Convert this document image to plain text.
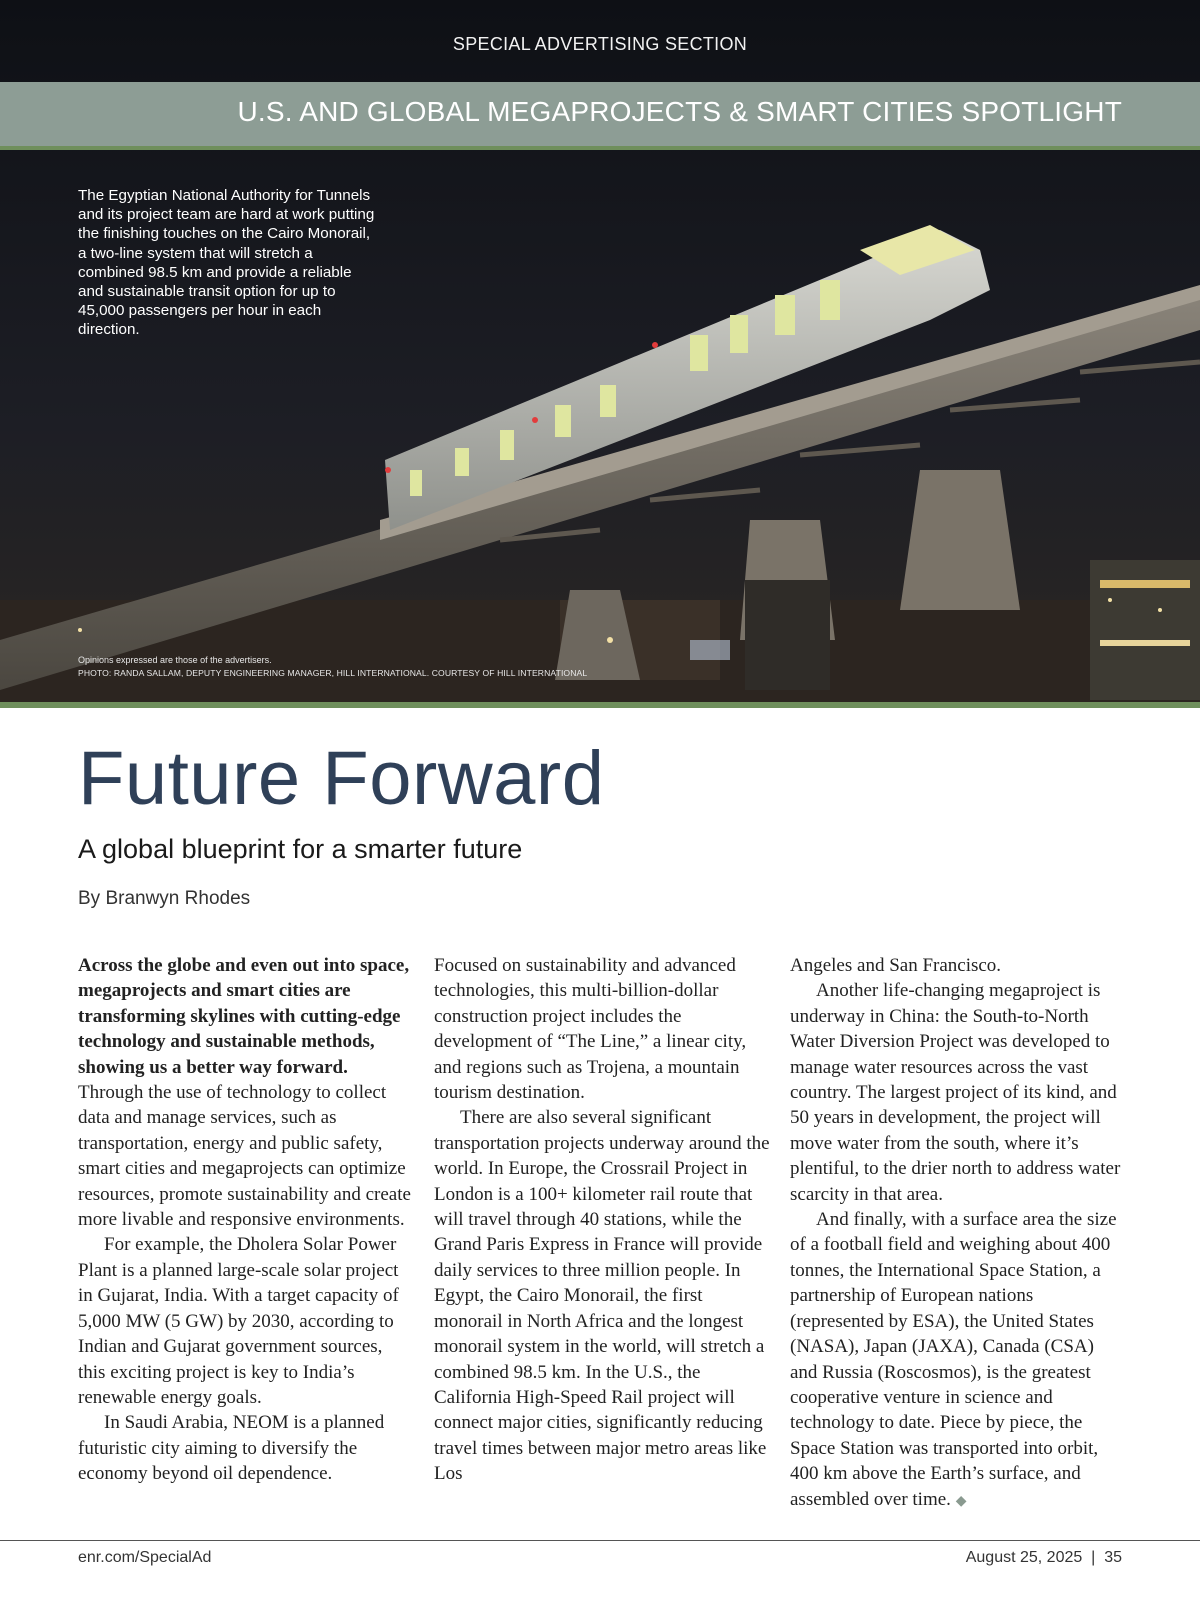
SPECIAL ADVERTISING SECTION
U.S. AND GLOBAL MEGAPROJECTS & SMART CITIES SPOTLIGHT
The Egyptian National Authority for Tunnels and its project team are hard at work putting the finishing touches on the Cairo Monorail, a two-line system that will stretch a combined 98.5 km and provide a reliable and sustainable transit option for up to 45,000 passengers per hour in each direction.
Opinions expressed are those of the advertisers.
PHOTO: RANDA SALLAM, DEPUTY ENGINEERING MANAGER, HILL INTERNATIONAL. COURTESY OF HILL INTERNATIONAL
Future Forward
A global blueprint for a smarter future
By Branwyn Rhodes

Across the globe and even out into space, megaprojects and smart cities are transforming skylines with cutting-edge technology and sustainable methods, showing us a better way forward. Through the use of technology to collect data and manage services, such as transportation, energy and public safety, smart cities and megaprojects can optimize resources, promote sustainability and create more livable and responsive environments.

For example, the Dholera Solar Power Plant is a planned large-scale solar project in Gujarat, India. With a target capacity of 5,000 MW (5 GW) by 2030, according to Indian and Gujarat government sources, this exciting project is key to India’s renewable energy goals.

In Saudi Arabia, NEOM is a planned futuristic city aiming to diversify the economy beyond oil dependence.

Focused on sustainability and advanced technologies, this multi-billion-dollar construction project includes the development of “The Line,” a linear city, and regions such as Trojena, a mountain tourism destination.

There are also several significant transportation projects underway around the world. In Europe, the Crossrail Project in London is a 100+ kilometer rail route that will travel through 40 stations, while the Grand Paris Express in France will provide daily services to three million people. In Egypt, the Cairo Monorail, the first monorail in North Africa and the longest monorail system in the world, will stretch a combined 98.5 km. In the U.S., the California High-Speed Rail project will connect major cities, significantly reducing travel times between major metro areas like Los

Angeles and San Francisco.

Another life-changing megaproject is underway in China: the South-to-North Water Diversion Project was developed to manage water resources across the vast country. The largest project of its kind, and 50 years in development, the project will move water from the south, where it’s plentiful, to the drier north to address water scarcity in that area.

And finally, with a surface area the size of a football field and weighing about 400 tonnes, the International Space Station, a partnership of European nations (represented by ESA), the United States (NASA), Japan (JAXA), Canada (CSA) and Russia (Roscosmos), is the greatest cooperative venture in science and technology to date. Piece by piece, the Space Station was transported into orbit, 400 km above the Earth’s surface, and assembled over time. ◆

enr.com/SpecialAd	August 25, 2025  |  35
